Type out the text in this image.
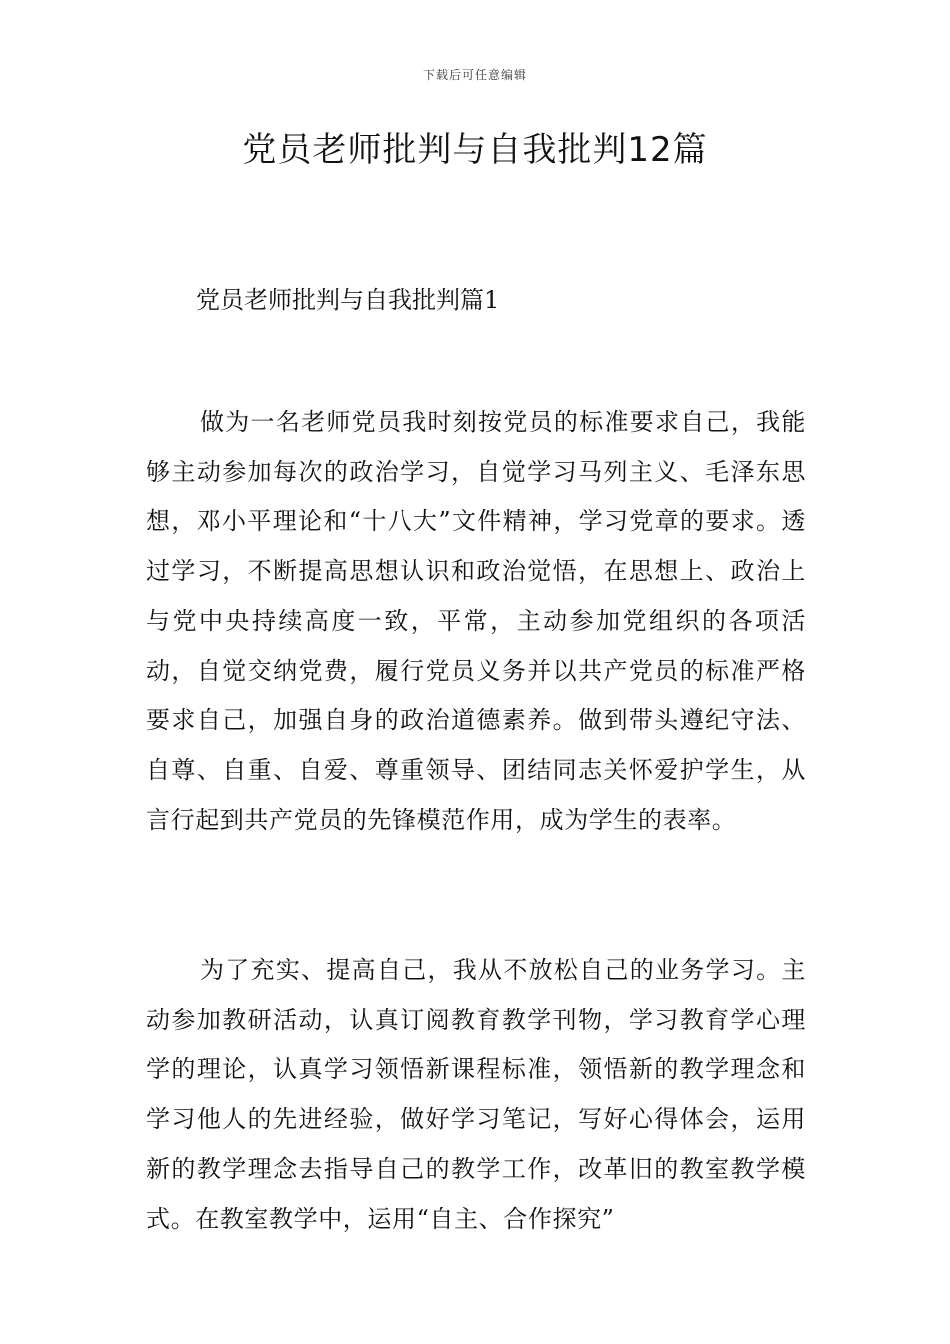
下载后可任意编辑
党员老师批判与自我批判12篇
党员老师批判与自我批判篇1

做为一名老师党员我时刻按党员的标准要求自己，我能够主动参加每次的政治学习，自觉学习马列主义、毛泽东思想，邓小平理论和“十八大”文件精神，学习党章的要求。透过学习，不断提高思想认识和政治觉悟，在思想上、政治上与党中央持续高度一致，平常，主动参加党组织的各项活动，自觉交纳党费，履行党员义务并以共产党员的标准严格要求自己，加强自身的政治道德素养。做到带头遵纪守法、自尊、自重、自爱、尊重领导、团结同志关怀爱护学生，从言行起到共产党员的先锋模范作用，成为学生的表率。

为了充实、提高自己，我从不放松自己的业务学习。主动参加教研活动，认真订阅教育教学刊物，学习教育学心理学的理论，认真学习领悟新课程标准，领悟新的教学理念和学习他人的先进经验，做好学习笔记，写好心得体会，运用新的教学理念去指导自己的教学工作，改革旧的教室教学模式。在教室教学中，运用“自主、合作探究”
